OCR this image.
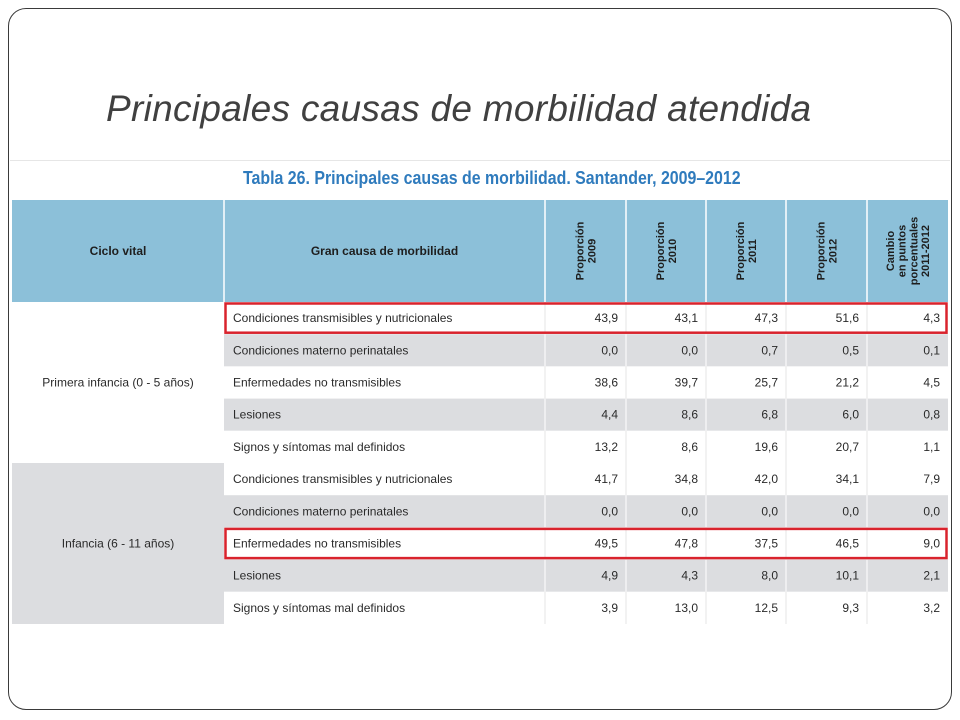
Principales causas de morbilidad atendida

Tabla 26. Principales causas de morbilidad. Santander, 2009–2012

Ciclo vital	Gran causa de morbilidad	Proporción 2009	Proporción 2010	Proporción 2011	Proporción 2012	Cambio en puntos porcentuales 2011-2012
Primera infancia (0 - 5 años)
Condiciones transmisibles y nutricionales	43,9	43,1	47,3	51,6	4,3
Condiciones materno perinatales	0,0	0,0	0,7	0,5	0,1
Enfermedades no transmisibles	38,6	39,7	25,7	21,2	4,5
Lesiones	4,4	8,6	6,8	6,0	0,8
Signos y síntomas mal definidos	13,2	8,6	19,6	20,7	1,1
Infancia (6 - 11 años)
Condiciones transmisibles y nutricionales	41,7	34,8	42,0	34,1	7,9
Condiciones materno perinatales	0,0	0,0	0,0	0,0	0,0
Enfermedades no transmisibles	49,5	47,8	37,5	46,5	9,0
Lesiones	4,9	4,3	8,0	10,1	2,1
Signos y síntomas mal definidos	3,9	13,0	12,5	9,3	3,2
